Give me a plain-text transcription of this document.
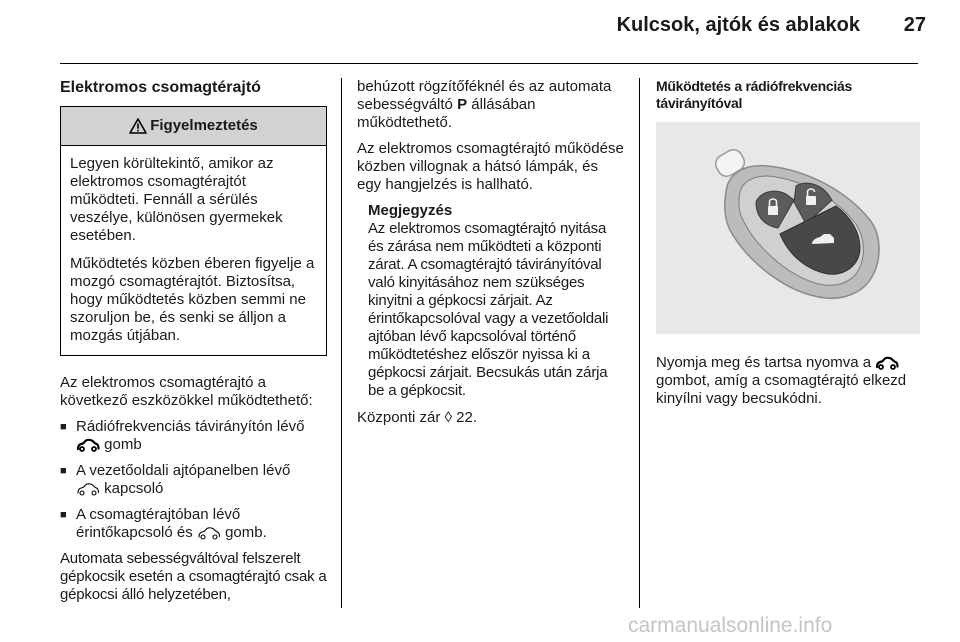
Kulcsok, ajtók és ablakok	27
Elektromos csomagtérajtó
Figyelmeztetés

Legyen körültekintő, amikor az elektromos csomagtérajtót működteti. Fennáll a sérülés veszélye, különösen gyermekek esetében.

Működtetés közben éberen figyelje a mozgó csomagtérajtót. Biztosítsa, hogy működtetés közben semmi ne szoruljon be, és senki se álljon a mozgás útjában.

Az elektromos csomagtérajtó a következő eszközökkel működtethető:

■ Rádiófrekvenciás távirányítón lévő
gomb
■ A vezetőoldali ajtópanelben lévő
kapcsoló
■ A csomagtérajtóban lévő érintőkapcsoló és gomb.

Automata sebességváltóval felszerelt gépkocsik esetén a csomagtérajtó csak a gépkocsi álló helyzetében,

behúzott rögzítőféknél és az automata sebességváltó P állásában működtethető.

Az elektromos csomagtérajtó működése közben villognak a hátsó lámpák, és egy hangjelzés is hallható.

Megjegyzés
Az elektromos csomagtérajtó nyitása és zárása nem működteti a központi zárat. A csomagtérajtó távirányítóval való kinyitásához nem szükséges kinyitni a gépkocsi zárjait. Az érintőkapcsolóval vagy a vezetőoldali ajtóban lévő kapcsolóval történő működtetéshez először nyissa ki a gépkocsi zárjait. Becsukás után zárja be a gépkocsit.

Központi zár ◊ 22.

Működtetés a rádiófrekvenciás távirányítóval

Nyomja meg és tartsa nyomva a  gombot, amíg a csomagtérajtó elkezd kinyílni vagy becsukódni.

carmanualsonline.info
